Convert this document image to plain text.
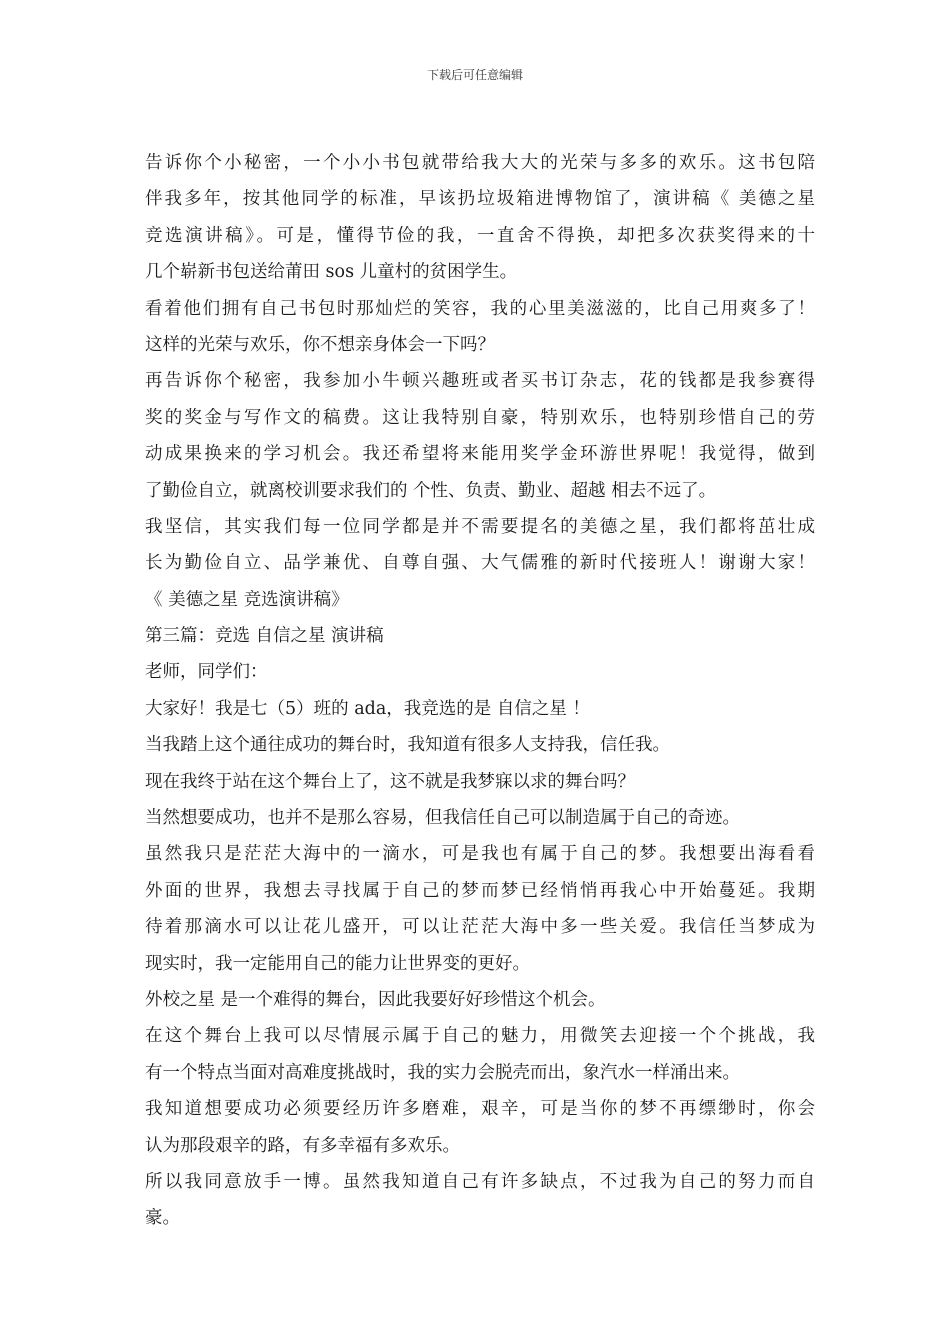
下载后可任意编辑
告诉你个小秘密，一个小小书包就带给我大大的光荣与多多的欢乐。这书包陪
伴我多年，按其他同学的标准，早该扔垃圾箱进博物馆了，演讲稿《 美德之星
竞选演讲稿》。可是，懂得节俭的我，一直舍不得换，却把多次获奖得来的十
几个崭新书包送给莆田 sos 儿童村的贫困学生。
看着他们拥有自己书包时那灿烂的笑容，我的心里美滋滋的，比自己用爽多了！
这样的光荣与欢乐，你不想亲身体会一下吗？
再告诉你个秘密，我参加小牛顿兴趣班或者买书订杂志，花的钱都是我参赛得
奖的奖金与写作文的稿费。这让我特别自豪，特别欢乐，也特别珍惜自己的劳
动成果换来的学习机会。我还希望将来能用奖学金环游世界呢！我觉得，做到
了勤俭自立，就离校训要求我们的 个性、负责、勤业、超越 相去不远了。
我坚信，其实我们每一位同学都是并不需要提名的美德之星，我们都将茁壮成
长为勤俭自立、品学兼优、自尊自强、大气儒雅的新时代接班人！谢谢大家！
《 美德之星 竞选演讲稿》
第三篇：竞选 自信之星 演讲稿
老师，同学们：
大家好！我是七（5）班的 ada，我竞选的是 自信之星 ！
当我踏上这个通往成功的舞台时，我知道有很多人支持我，信任我。
现在我终于站在这个舞台上了，这不就是我梦寐以求的舞台吗？
当然想要成功，也并不是那么容易，但我信任自己可以制造属于自己的奇迹。
虽然我只是茫茫大海中的一滴水，可是我也有属于自己的梦。我想要出海看看
外面的世界，我想去寻找属于自己的梦而梦已经悄悄再我心中开始蔓延。我期
待着那滴水可以让花儿盛开，可以让茫茫大海中多一些关爱。我信任当梦成为
现实时，我一定能用自己的能力让世界变的更好。
外校之星 是一个难得的舞台，因此我要好好珍惜这个机会。
在这个舞台上我可以尽情展示属于自己的魅力，用微笑去迎接一个个挑战，我
有一个特点当面对高难度挑战时，我的实力会脱壳而出，象汽水一样涌出来。
我知道想要成功必须要经历许多磨难，艰辛，可是当你的梦不再缥缈时，你会
认为那段艰辛的路，有多幸福有多欢乐。
所以我同意放手一博。虽然我知道自己有许多缺点，不过我为自己的努力而自
豪。
